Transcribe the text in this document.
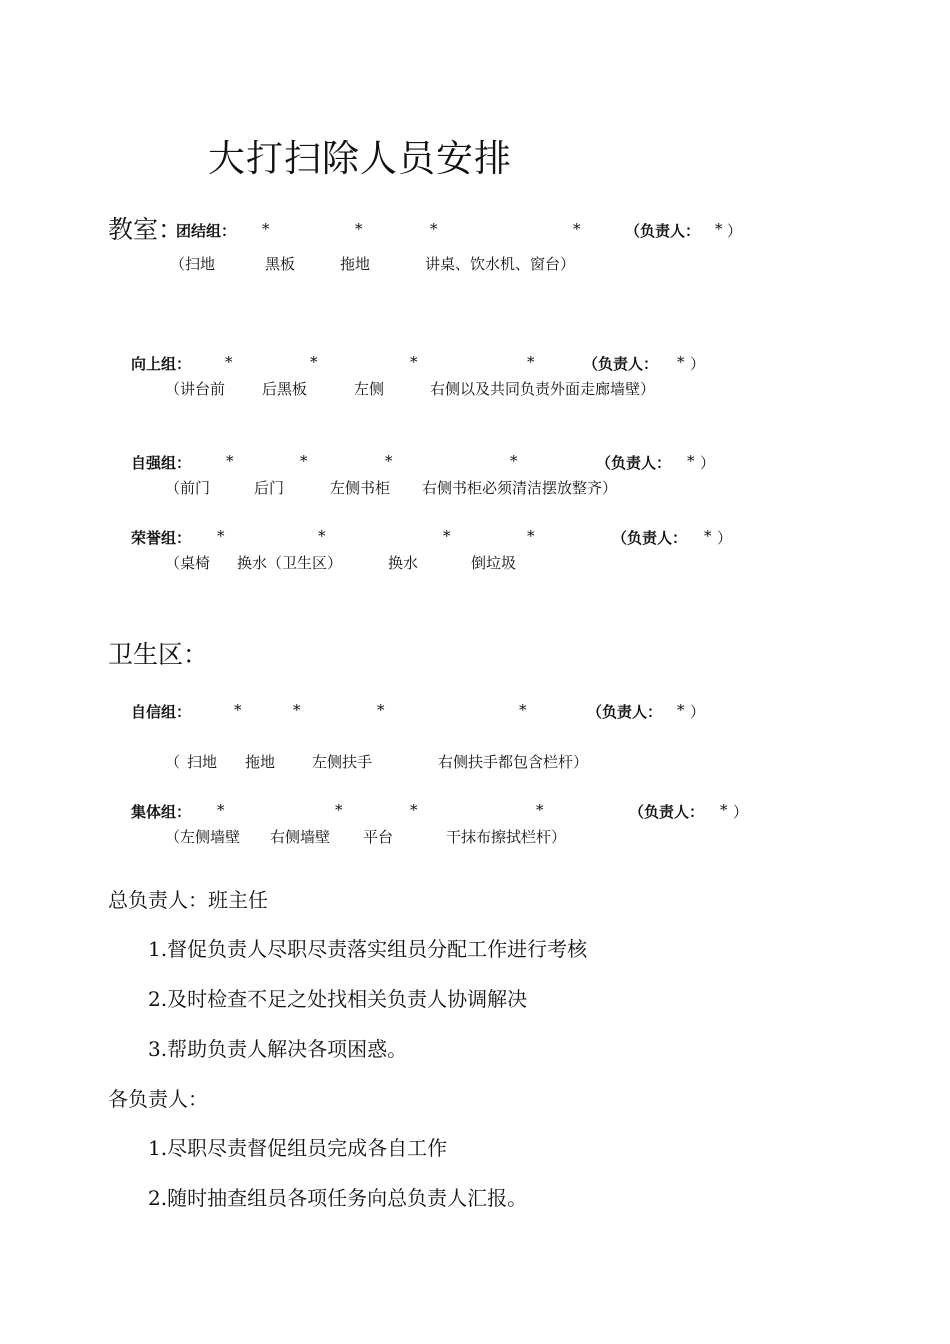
大打扫除人员安排
教室：
团结组： *	*	*	*	（负责人： * ）
（扫地	黑板	拖地	讲桌、饮水机、窗台）
向上组： *	*	*	*	（负责人： * ）
（讲台前 后黑板	左侧	右侧以及共同负责外面走廊墙壁）
自强组： *	*	*	*	（负责人： * ）
（前门	后门	左侧书柜 右侧书柜必须清洁摆放整齐）
荣誉组： *	*	*	*	（负责人： * ）
（桌椅 换水（卫生区）	换水	倒垃圾
卫生区：
自信组：	*	*	*	*	（负责人： * ）
（ 扫地 拖地 左侧扶手	右侧扶手都包含栏杆）
集体组： *	*	*	*	（负责人： * ）
（左侧墙壁 右侧墙壁 平台	干抹布擦拭栏杆）
总负责人：班主任
1.督促负责人尽职尽责落实组员分配工作进行考核
2.及时检查不足之处找相关负责人协调解决
3.帮助负责人解决各项困惑。
各负责人：
1.尽职尽责督促组员完成各自工作
2.随时抽查组员各项任务向总负责人汇报。
